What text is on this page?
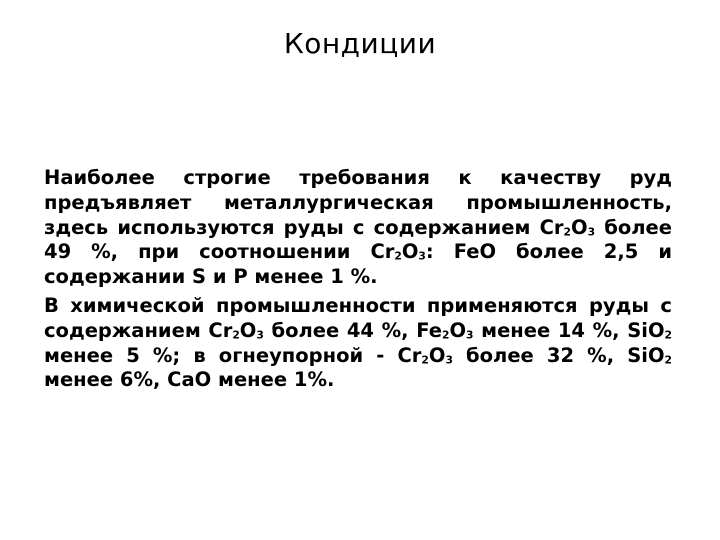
Кондиции

Наиболее строгие требования к качеству руд предъявляет металлургическая промышленность, здесь используются руды с содержанием $Cr_2O_3$ более 49 %, при соотношении $Cr_2O_3$: FeO более 2,5 и содержании S и P менее 1 %.

В химической промышленности применяются руды с содержанием $Cr_2O_3$ более 44 %, $Fe_2O_3$ менее 14 %, SiO$_2$ менее 5 %; в огнеупорной - $Cr_2O_3$ более 32 %, SiO$_2$ менее 6%, CaO менее 1%.
